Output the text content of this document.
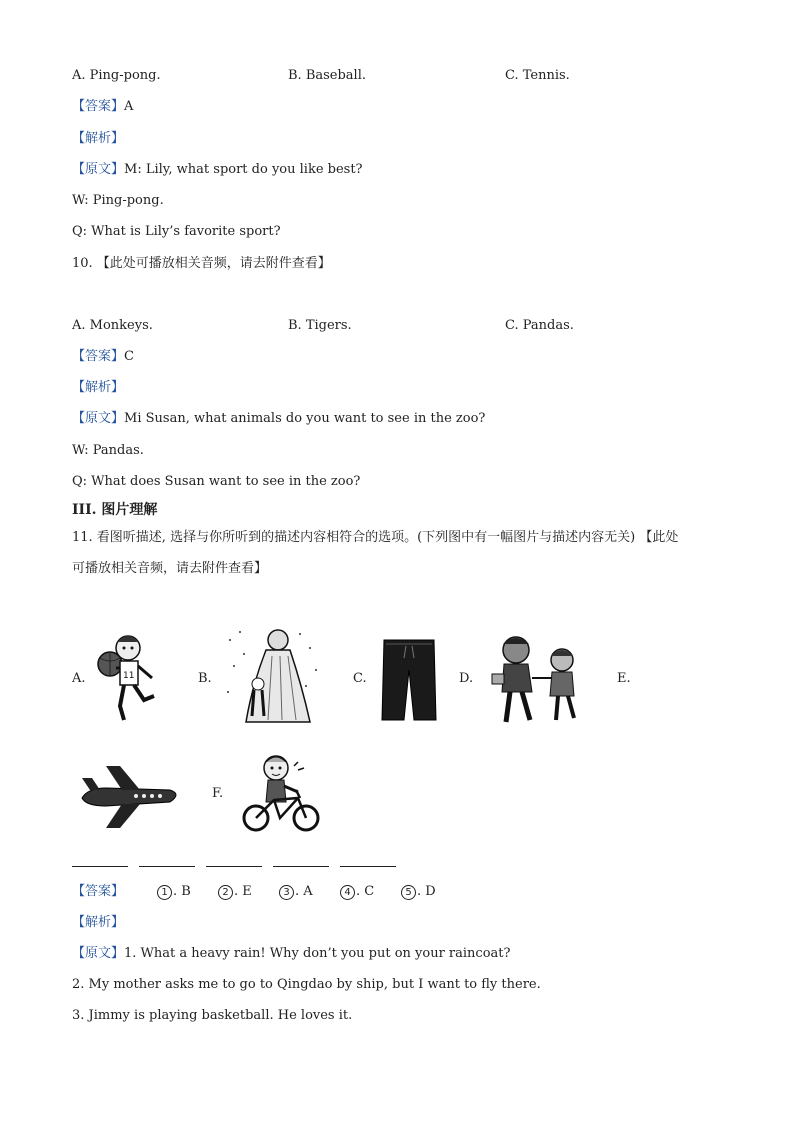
A. Ping-pong.	B. Baseball.	C. Tennis.
【答案】A
【解析】
【原文】M: Lily, what sport do you like best?
W: Ping-pong.
Q: What is Lily’s favorite sport?
10. 【此处可播放相关音频，请去附件查看】
A. Monkeys.	B. Tigers.	C. Pandas.
【答案】C
【解析】
【原文】Mi Susan, what animals do you want to see in the zoo?
W: Pandas.
Q: What does Susan want to see in the zoo?
III. 图片理解
11. 看图听描述, 选择与你所听到的描述内容相符合的选项。(下列图中有一幅图片与描述内容无关) 【此处
可播放相关音频，请去附件查看】
A.	B.	C.	D.	E.
F.
11
【答案】	1 . B	2 . E	3 . A	4 . C	5 . D
【解析】
【原文】1. What a heavy rain! Why don’t you put on your raincoat?
2. My mother asks me to go to Qingdao by ship, but I want to fly there.
3. Jimmy is playing basketball. He loves it.
